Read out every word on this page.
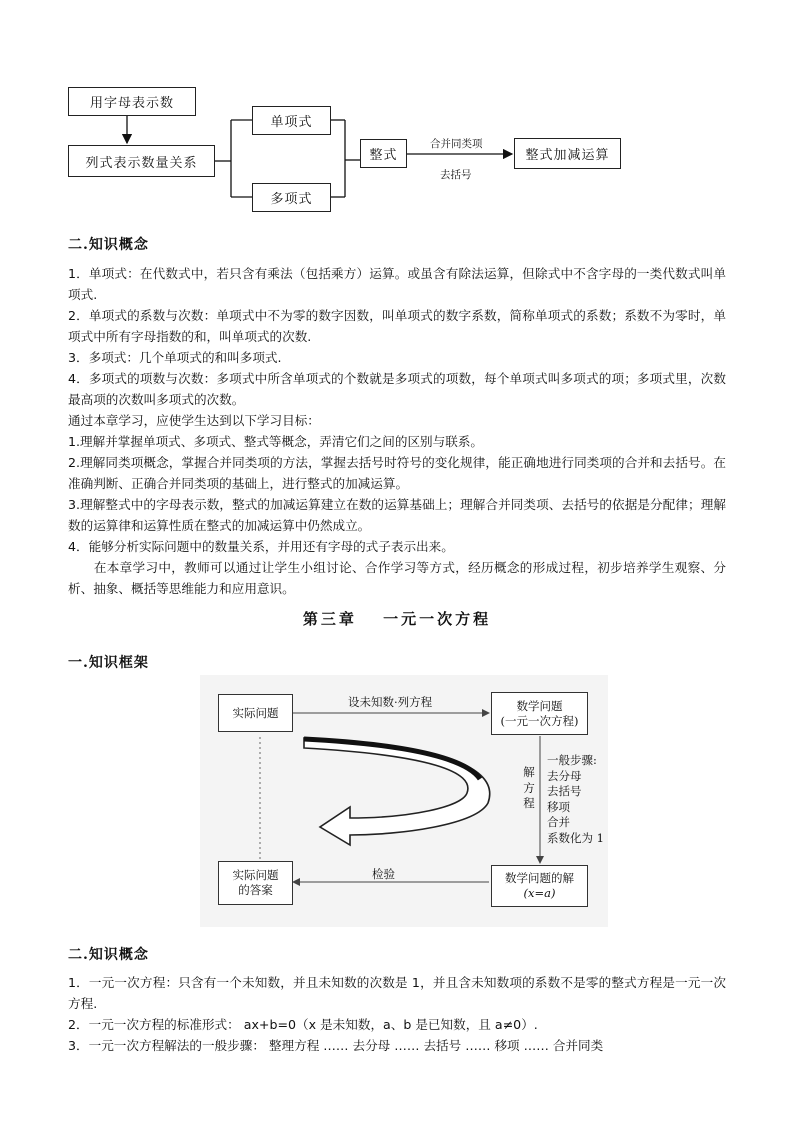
用字母表示数
列式表示数量关系
单项式
多项式
整式	整式加减运算
合并同类项
去括号
二.知识概念

1．单项式：在代数式中，若只含有乘法（包括乘方）运算。或虽含有除法运算，但除式中不含字母的一类代数式叫单项式.

2．单项式的系数与次数：单项式中不为零的数字因数，叫单项式的数字系数，简称单项式的系数；系数不为零时，单项式中所有字母指数的和，叫单项式的次数.

3．多项式：几个单项式的和叫多项式.

4．多项式的项数与次数：多项式中所含单项式的个数就是多项式的项数，每个单项式叫多项式的项；多项式里，次数最高项的次数叫多项式的次数。

通过本章学习，应使学生达到以下学习目标：

1.理解并掌握单项式、多项式、整式等概念，弄清它们之间的区别与联系。

2.理解同类项概念，掌握合并同类项的方法，掌握去括号时符号的变化规律，能正确地进行同类项的合并和去括号。在准确判断、正确合并同类项的基础上，进行整式的加减运算。

3.理解整式中的字母表示数，整式的加减运算建立在数的运算基础上；理解合并同类项、去括号的依据是分配律；理解数的运算律和运算性质在整式的加减运算中仍然成立。

4．能够分析实际问题中的数量关系，并用还有字母的式子表示出来。

　　在本章学习中，教师可以通过让学生小组讨论、合作学习等方式，经历概念的形成过程，初步培养学生观察、分析、抽象、概括等思维能力和应用意识。

第三章　 一元一次方程
一.知识框架
实际问题	数学问题
(一元一次方程)
实际问题
的答案
数学问题的解
(x=a)
设未知数·列方程
检验
解
方
程
一般步骤:
去分母
去括号
移项
合并
系数化为 1
二.知识概念

1．一元一次方程：只含有一个未知数，并且未知数的次数是 1，并且含未知数项的系数不是零的整式方程是一元一次方程.

2．一元一次方程的标准形式： ax+b=0（x 是未知数，a、b 是已知数，且 a≠0）.

3．一元一次方程解法的一般步骤： 整理方程 …… 去分母 …… 去括号 …… 移项 …… 合并同类
